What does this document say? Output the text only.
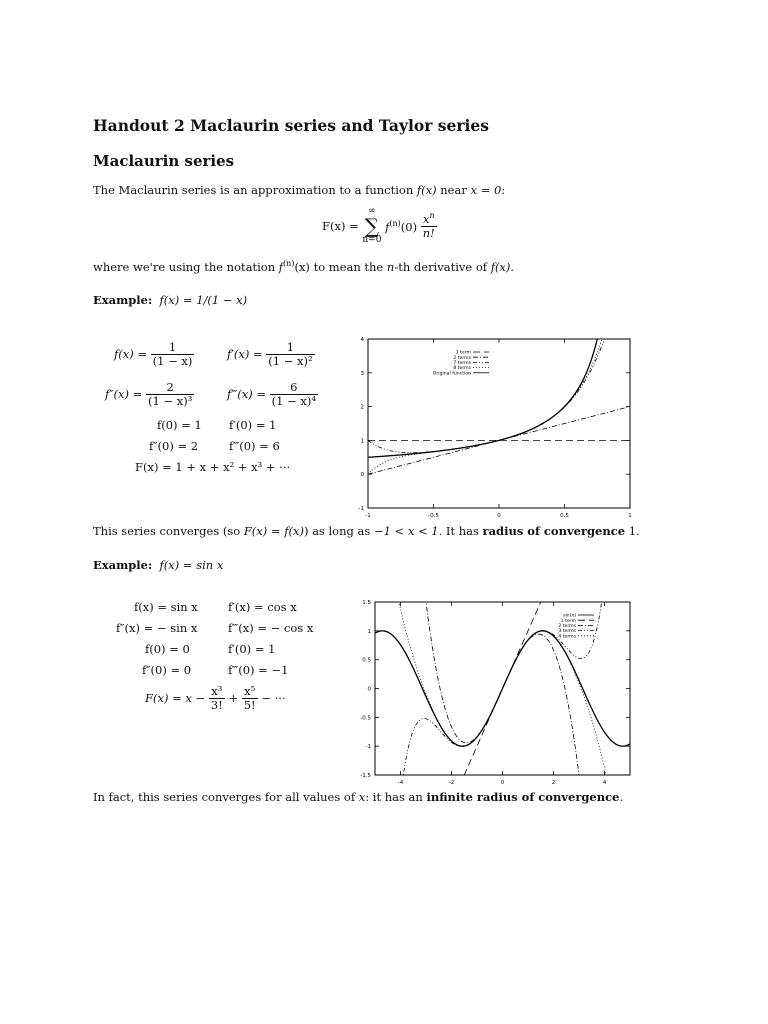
Handout 2 Maclaurin series and Taylor series
Maclaurin series
The Maclaurin series is an approximation to a function f(x) near x = 0:
F(x) =
∞
∑
n=0
$f^{(n)}(0) \frac{x^n}{n!}$
where we're using the notation $f^{(n)}(x)$ to mean the n-th derivative of f(x).
Example: f(x) = 1/(1 − x)
$f(x) = \frac{1}{(1 - x)}$	$f'(x) = \frac{1}{\text{(1 − x)²}}$
$f''(x) = \frac{2}{\text{(1 − x)³}}$	f‴(x) = $\frac{6}{\text{(1 − x)⁴}}$
f(0) = 1 f′(0) = 1
f″(0) = 2	f‴(0) = 6
F(x) = 1 + x + x² + x³ + ···
-1	-0.5	0	0.5	1
-1
0
1
2
3
4
1 term
2 terms
7 terms
8 terms
Original function
This series converges (so F(x) = f(x)) as long as −1 < x < 1. It has radius of convergence 1.
Example: f(x) = sin x
f(x) = sin x	f′(x) = cos x
f″(x) = − sin x	f‴(x) = − cos x
f(0) = 0	f′(0) = 1
f″(0) = 0	f‴(0) = −1
$F(x) = x - \frac{\text{x³}}{3!} + \frac{\text{x⁵}}{5!}$ − ···
-4	-2	0	2	4
-1.5
-1
-0.5
0
0.5
1
1.5
sin(x)
1 term
2 terms
3 terms
4 terms
In fact, this series converges for all values of x: it has an infinite radius of convergence.
